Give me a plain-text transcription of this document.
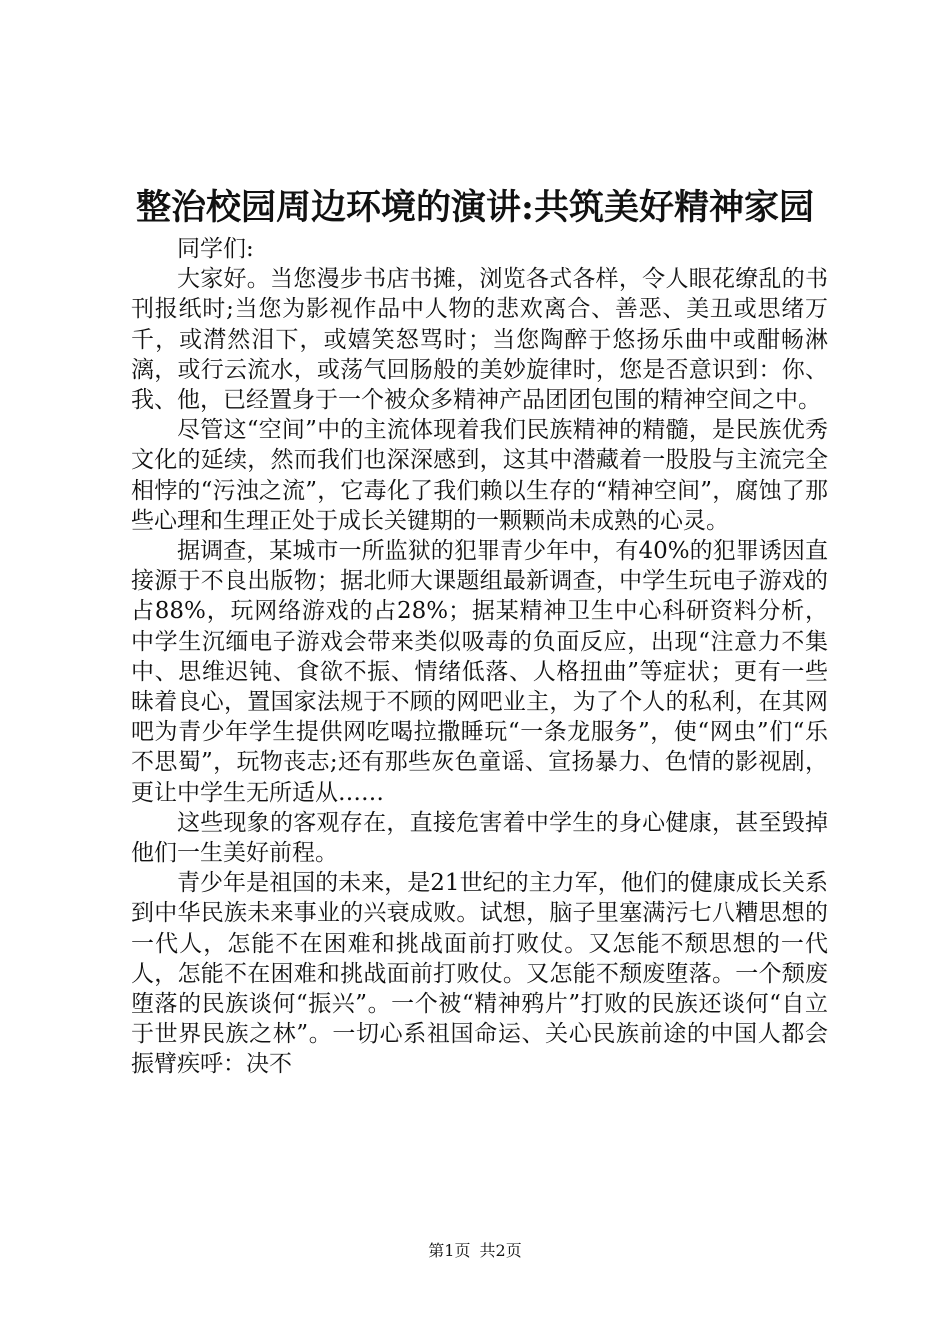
整治校园周边环境的演讲:共筑美好精神家园

同学们:

大家好。当您漫步书店书摊，浏览各式各样，令人眼花缭乱的书刊报纸时;当您为影视作品中人物的悲欢离合、善恶、美丑或思绪万千，或潸然泪下，或嬉笑怒骂时；当您陶醉于悠扬乐曲中或酣畅淋漓，或行云流水，或荡气回肠般的美妙旋律时，您是否意识到：你、我、他，已经置身于一个被众多精神产品团团包围的精神空间之中。

尽管这“空间”中的主流体现着我们民族精神的精髓，是民族优秀文化的延续，然而我们也深深感到，这其中潜藏着一股股与主流完全相悖的“污浊之流”，它毒化了我们赖以生存的“精神空间”，腐蚀了那些心理和生理正处于成长关键期的一颗颗尚未成熟的心灵。

据调查，某城市一所监狱的犯罪青少年中，有40%的犯罪诱因直接源于不良出版物；据北师大课题组最新调查，中学生玩电子游戏的占88%，玩网络游戏的占28%；据某精神卫生中心科研资料分析，中学生沉缅电子游戏会带来类似吸毒的负面反应，出现“注意力不集中、思维迟钝、食欲不振、情绪低落、人格扭曲”等症状；更有一些昧着良心，置国家法规于不顾的网吧业主，为了个人的私利，在其网吧为青少年学生提供网吃喝拉撒睡玩“一条龙服务”，使“网虫”们“乐不思蜀”，玩物丧志;还有那些灰色童谣、宣扬暴力、色情的影视剧，更让中学生无所适从……

这些现象的客观存在，直接危害着中学生的身心健康，甚至毁掉他们一生美好前程。

青少年是祖国的未来，是21世纪的主力军，他们的健康成长关系到中华民族未来事业的兴衰成败。试想，脑子里塞满污七八糟思想的一代人，怎能不在困难和挑战面前打败仗。又怎能不颓思想的一代人，怎能不在困难和挑战面前打败仗。又怎能不颓废堕落。一个颓废堕落的民族谈何“振兴”。一个被“精神鸦片”打败的民族还谈何“自立于世界民族之林”。一切心系祖国命运、关心民族前途的中国人都会振臂疾呼：决不

第1页 共2页
